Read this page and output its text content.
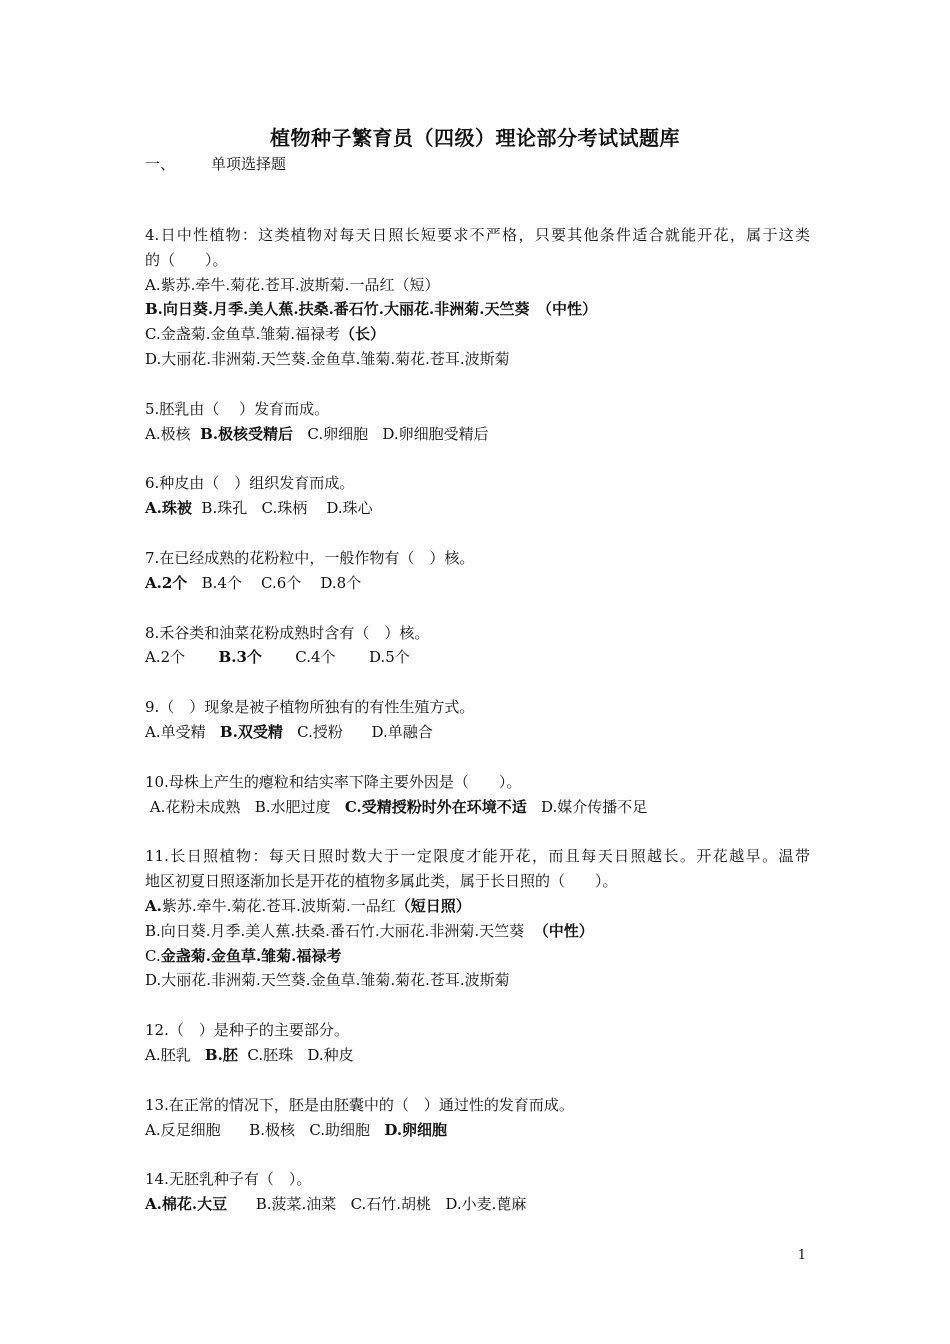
植物种子繁育员（四级）理论部分考试试题库
一、 单项选择题
4.日中性植物：这类植物对每天日照长短要求不严格，只要其他条件适合就能开花，属于这类
的（　　）。
A.紫苏.牵牛.菊花.苍耳.波斯菊.一品红（短）
B.向日葵.月季.美人蕉.扶桑.番石竹.大丽花.非洲菊.天竺葵　（中性）
C.金盏菊.金鱼草.雏菊.福禄考（长）
D.大丽花.非洲菊.天竺葵.金鱼草.雏菊.菊花.苍耳.波斯菊
5.胚乳由（　 ）发育而成。
A.极核 B.极核受精后 C.卵细胞 D.卵细胞受精后
6.种皮由（　）组织发育而成。
A.珠被 B.珠孔 C.珠柄 D.珠心
7.在已经成熟的花粉粒中，一般作物有（　）核。
A.2个 B.4个 C.6个 D.8个
8.禾谷类和油菜花粉成熟时含有（　）核。
A.2个 B.3个 C.4个 D.5个
9.（　）现象是被子植物所独有的有性生殖方式。
A.单受精 B.双受精 C.授粉 D.单融合
10.母株上产生的瘪粒和结实率下降主要外因是（　　）。
A.花粉未成熟 B.水肥过度 C.受精授粉时外在环境不适 D.媒介传播不足
11.长日照植物：每天日照时数大于一定限度才能开花，而且每天日照越长。开花越早。温带
地区初夏日照逐渐加长是开花的植物多属此类，属于长日照的（　　）。
A.紫苏.牵牛.菊花.苍耳.波斯菊.一品红（短日照）
B.向日葵.月季.美人蕉.扶桑.番石竹.大丽花.非洲菊.天竺葵 （中性）
C.金盏菊.金鱼草.雏菊.福禄考
D.大丽花.非洲菊.天竺葵.金鱼草.雏菊.菊花.苍耳.波斯菊
12.（　）是种子的主要部分。
A.胚乳 B.胚 C.胚珠 D.种皮
13.在正常的情况下，胚是由胚囊中的（　）通过性的发育而成。
A.反足细胞 B.极核 C.助细胞 D.卵细胞
14.无胚乳种子有（　）。
A.棉花.大豆 B.菠菜.油菜 C.石竹.胡桃 D.小麦.蓖麻
1
